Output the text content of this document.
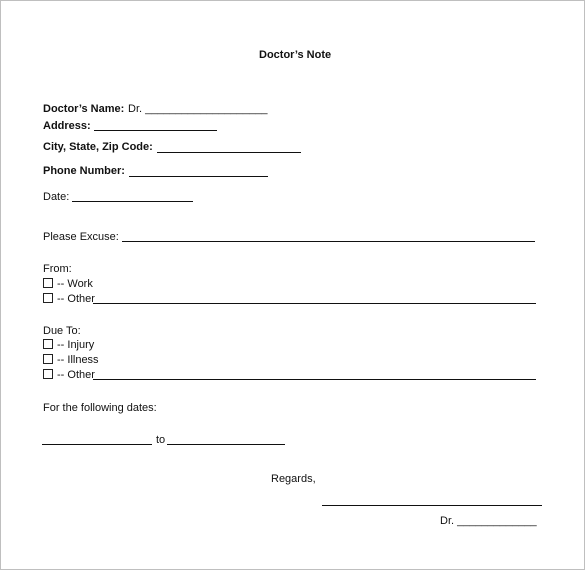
Doctor’s Note
Doctor’s Name: Dr. ____________________
Address:
City, State, Zip Code:
Phone Number:
Date:
Please Excuse:
From:
-- Work
-- Other
Due To:
-- Injury
-- Illness
-- Other
For the following dates:
to
Regards,
Dr. _____________
